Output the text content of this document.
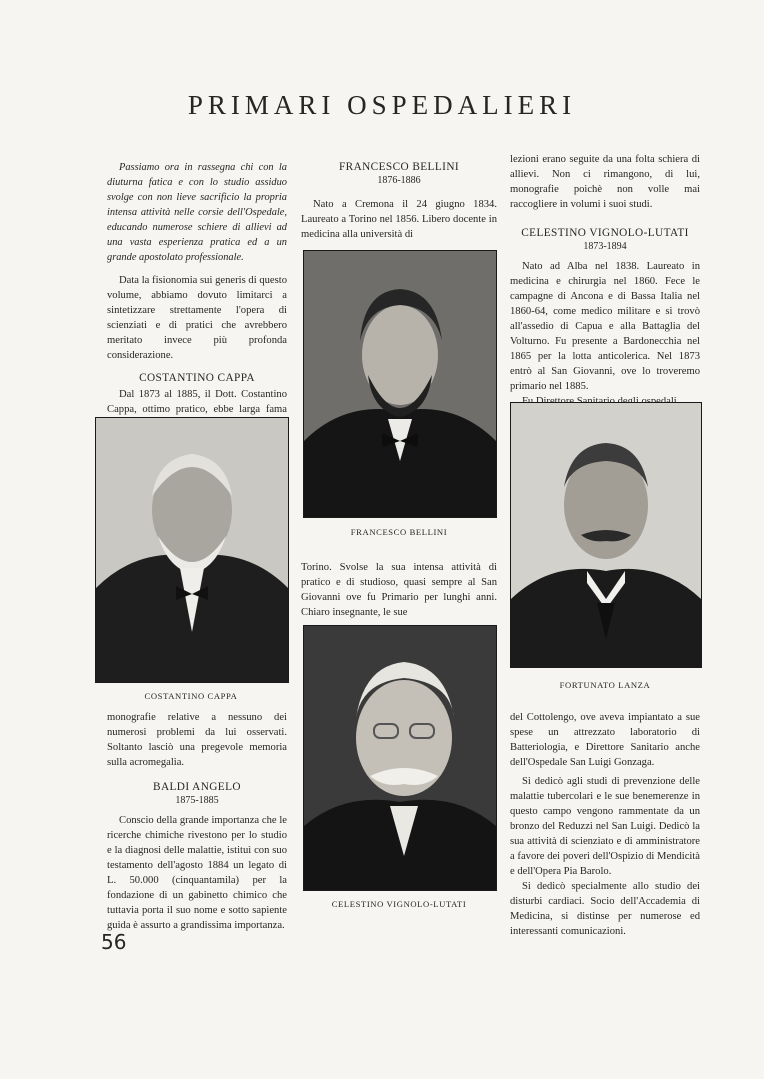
PRIMARI OSPEDALIERI

Passiamo ora in rassegna chi con la diuturna fatica e con lo studio assiduo svolge con non lieve sacrificio la propria intensa attività nelle corsie dell'Ospedale, educando numerose schiere di allievi ad una vasta esperienza pratica ed a un grande apostolato professionale.

Data la fisionomia sui generis di questo volume, abbiamo dovuto limitarci a sintetizzare strettamente l'opera di scienziati e di pratici che avrebbero meritato invece più profonda considerazione.

COSTANTINO CAPPA

Dal 1873 al 1885, il Dott. Costantino Cappa, ottimo pratico, ebbe larga fama

COSTANTINO CAPPA

monografie relative a nessuno dei numerosi problemi da lui osservati. Soltanto lasciò una pregevole memoria sulla acromegalia.

BALDI ANGELO
1875-1885

Conscio della grande importanza che le ricerche chimiche rivestono per lo studio e la diagnosi delle malattie, istituì con suo testamento dell'agosto 1884 un legato di L. 50.000 (cinquantamila) per la fondazione di un gabinetto chimico che tuttavia porta il suo nome e sotto sapiente guida è assurto a grandissima importanza.

FRANCESCO BELLINI
1876-1886

Nato a Cremona il 24 giugno 1834. Laureato a Torino nel 1856. Libero docente in medicina alla università di

FRANCESCO BELLINI

Torino. Svolse la sua intensa attività di pratico e di studioso, quasi sempre al San Giovanni ove fu Primario per lunghi anni. Chiaro insegnante, le sue

CELESTINO VIGNOLO-LUTATI

lezioni erano seguite da una folta schiera di allievi. Non ci rimangono, di lui, monografie poichè non volle mai raccogliere in volumi i suoi studi.

CELESTINO VIGNOLO-LUTATI
1873-1894

Nato ad Alba nel 1838. Laureato in medicina e chirurgia nel 1860. Fece le campagne di Ancona e di Bassa Italia nel 1860-64, come medico militare e si trovò all'assedio di Capua e alla Battaglia del Volturno. Fu presente a Bardonecchia nel 1865 per la lotta anticolerica. Nel 1873 entrò al San Giovanni, ove lo troveremo primario nel 1885.

FORTUNATO LANZA

del Cottolengo, ove aveva impiantato a sue spese un attrezzato laboratorio di Batteriologia, e Direttore Sanitario anche dell'Ospedale San Luigi Gonzaga.

Si dedicò agli studi di prevenzione delle malattie tubercolari e le sue benemerenze in questo campo vengono rammentate da un bronzo del Reduzzi nel San Luigi. Dedicò la sua attività di scienziato e di amministratore a favore dei poveri dell'Ospizio di Mendicità e dell'Opera Pia Barolo.

Si dedicò specialmente allo studio dei disturbi cardiaci. Socio dell'Accademia di Medicina, si distinse per numerose ed interessanti comunicazioni.

56
